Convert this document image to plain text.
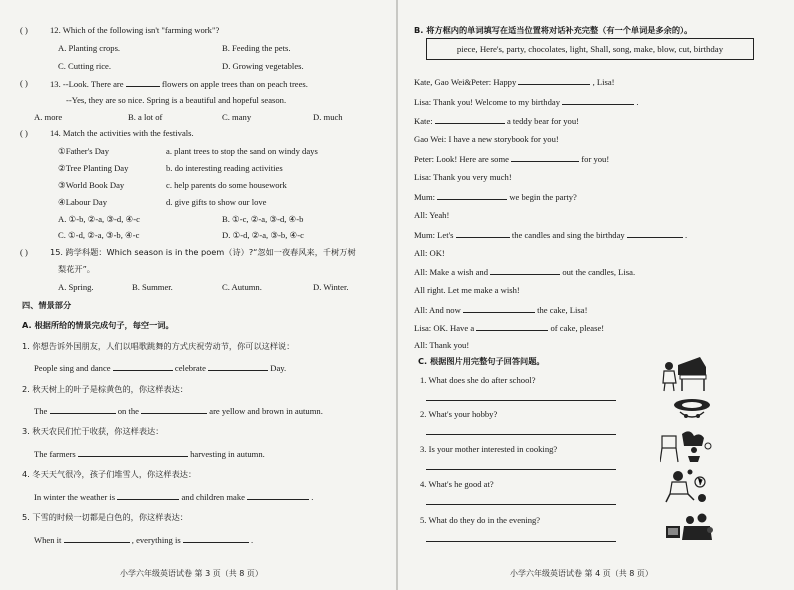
( )	12. Which of the following isn't "farming work"?
A. Planting crops.	B. Feeding the pets.
C. Cutting rice.	D. Growing vegetables.
( )	13. --Look. There are	flowers on apple trees than on peach trees.
--Yes, they are so nice. Spring is a beautiful and hopeful season.
A. more	B. a lot of	C. many	D. much
( )	14. Match the activities with the festivals.
①Father's Day	a. plant trees to stop the sand on windy days
②Tree Planting Day	b. do interesting reading activities
③World Book Day	c. help parents do some housework
④Labour Day	d. give gifts to show our love
A. ①-b, ②-a, ③-d, ④-c	B. ①-c, ②-a, ③-d, ④-b
C. ①-d, ②-a, ③-b, ④-c	D. ①-d, ②-a, ③-b, ④-c
( )	15. 跨学科题：Which season is in the poem（诗）?“忽如一夜春风来，千树万树
梨花开”。
A. Spring.	B. Summer.	C. Autumn.	D. Winter.
四、情景部分
A. 根据所给的情景完成句子，每空一词。
1. 你想告诉外国朋友，人们以唱歌跳舞的方式庆祝劳动节，你可以这样说：
People sing and dance	celebrate	Day.
2. 秋天树上的叶子是棕黄色的，你这样表达：
The	on the	are yellow and brown in autumn.
3. 秋天农民们忙于收获，你这样表达：
The farmers	harvesting in autumn.
4. 冬天天气很冷，孩子们堆雪人，你这样表达：
In winter the weather is	and children make	.
5. 下雪的时候一切都是白色的，你这样表达：
When it	, everything is	.
小学六年级英语试卷 第 3 页（共 8 页）
B. 将方框内的单词填写在适当位置将对话补充完整（有一个单词是多余的）。
piece, Here's, party, chocolates, light, Shall, song, make, blow, cut, birthday
Kate, Gao Wei&Peter: Happy	, Lisa!
Lisa: Thank you! Welcome to my birthday	.
Kate:	a teddy bear for you!
Gao Wei: I have a new storybook for you!
Peter: Look! Here are some	for you!
Lisa: Thank you very much!
Mum:	we begin the party?
All: Yeah!
Mum: Let's	the candles and sing the birthday	.
All: OK!
All: Make a wish and	out the candles, Lisa.
All right. Let me make a wish!
All: And now	the cake, Lisa!
Lisa: OK. Have a	of cake, please!
All: Thank you!
C. 根据图片用完整句子回答问题。
1. What does she do after school?
2. What's your hobby?
3. Is your mother interested in cooking?
4. What's he good at?
5. What do they do in the evening?
小学六年级英语试卷 第 4 页（共 8 页）
